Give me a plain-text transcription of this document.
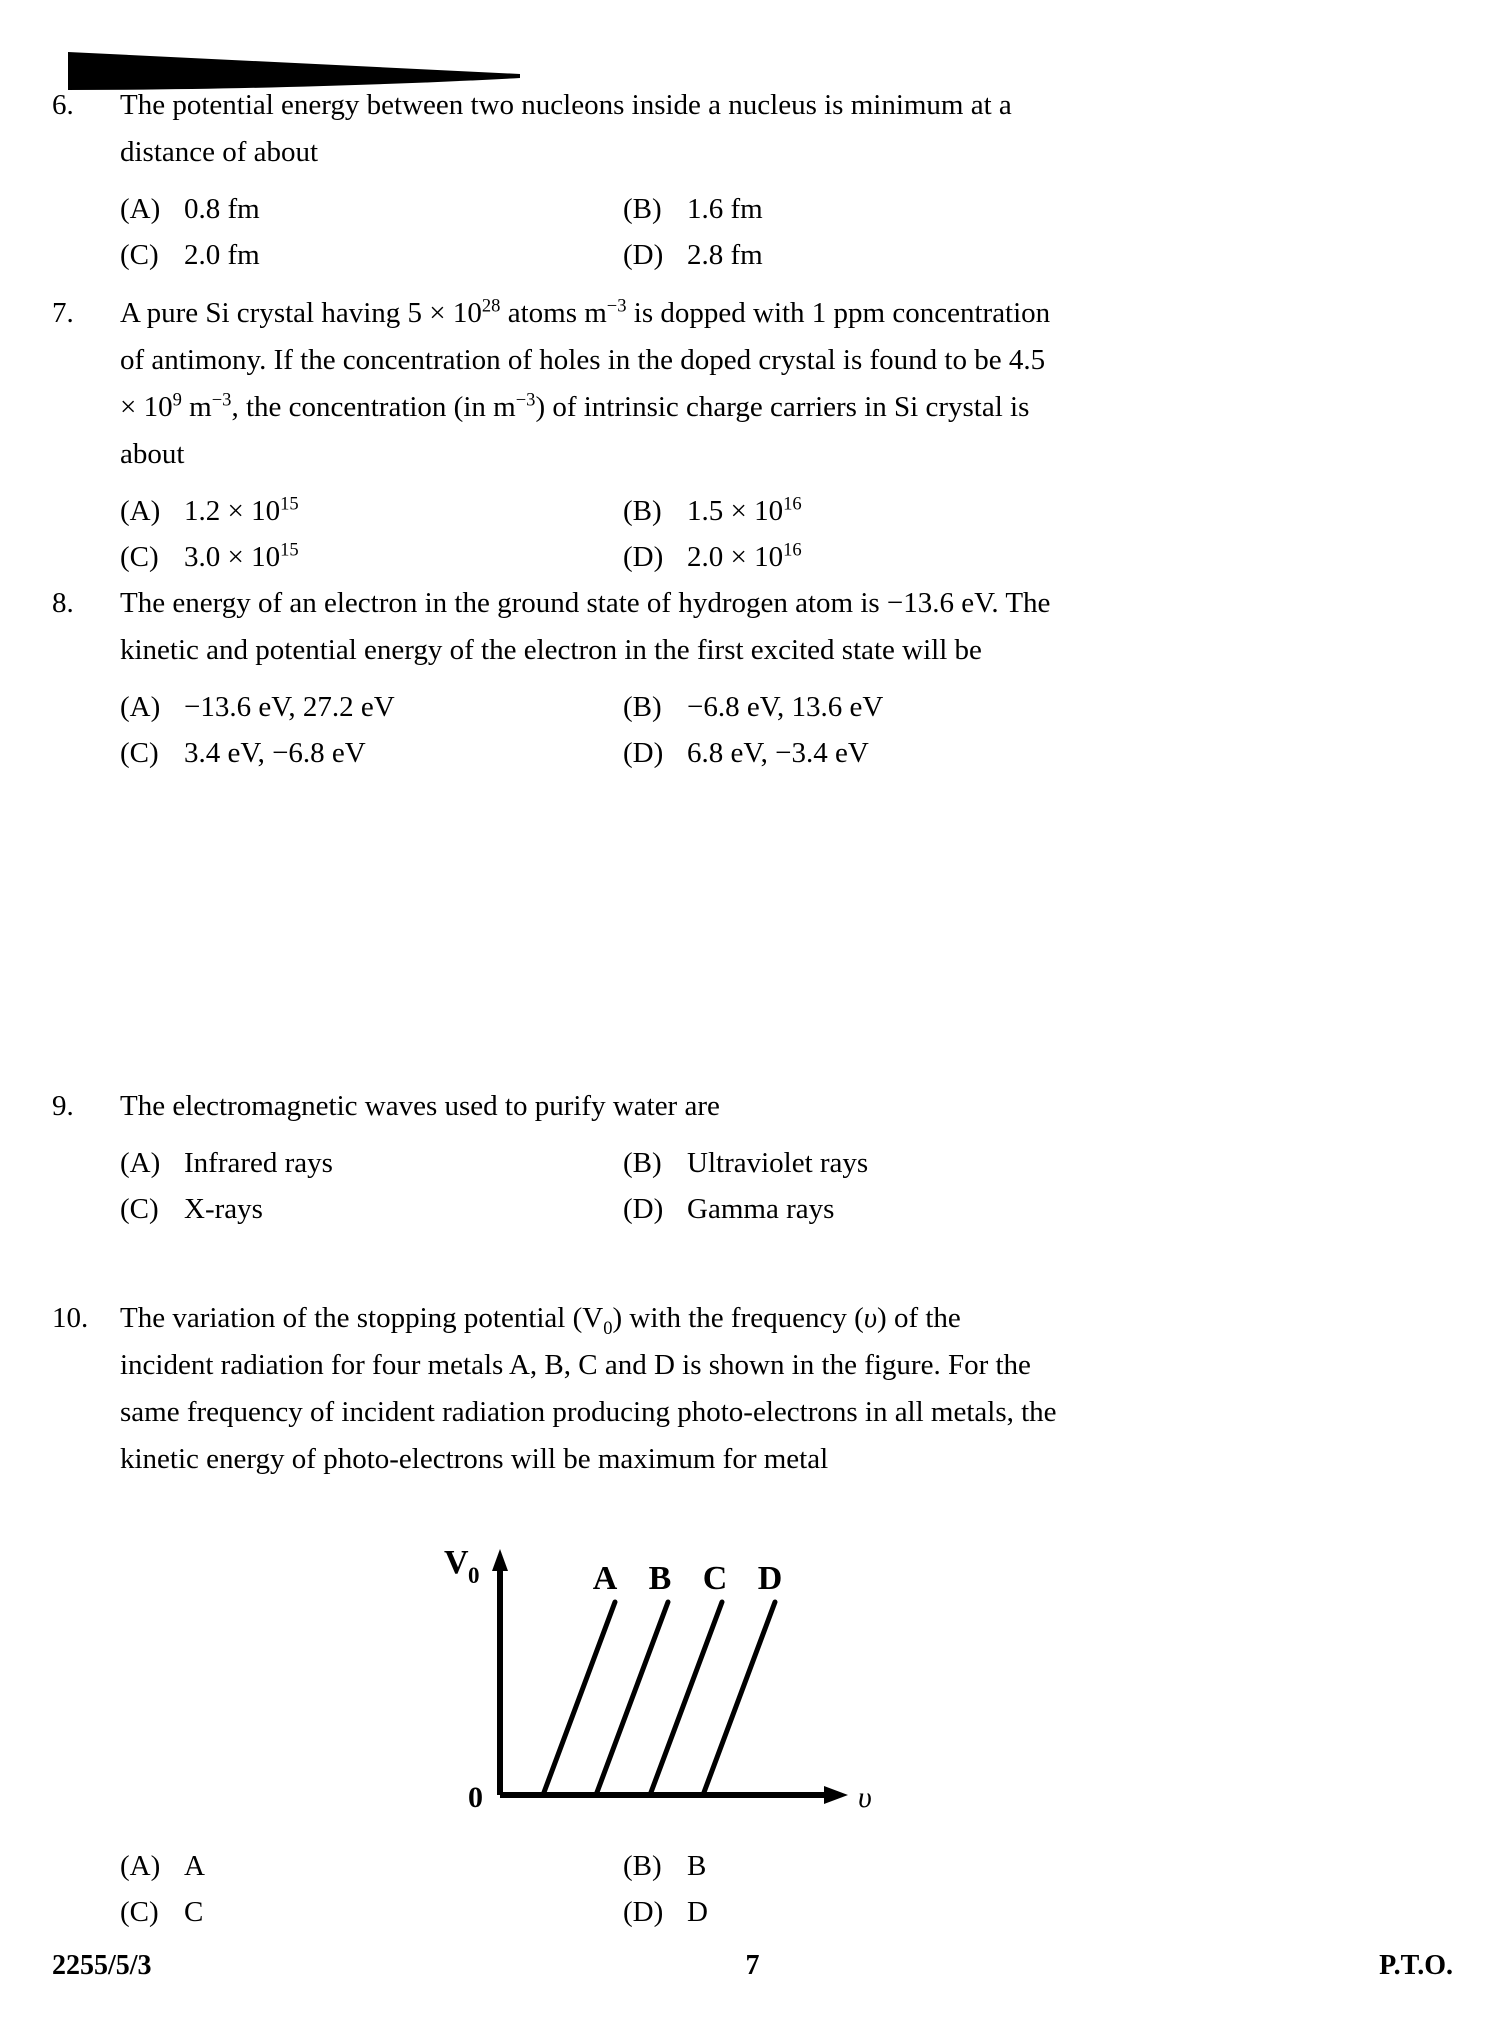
6.	The potential energy between two nucleons inside a nucleus is minimum at a distance of about
(A) 0.8 fm	(B) 1.6 fm
(C) 2.0 fm	(D) 2.8 fm
7.	A pure Si crystal having $5 \times 10^{28}$ atoms $m^{-3}$ is dopped with 1 ppm concentration of antimony. If the concentration of holes in the doped crystal is found to be $4.5 \times 10^9$ $m^{-3}$, the concentration (in $m^{-3}$) of intrinsic charge carriers in Si crystal is about
(A) $1.2 \times 10^{15}$	(B) $1.5 \times 10^{16}$
(C) $3.0 \times 10^{15}$	(D) $2.0 \times 10^{16}$
8.	The energy of an electron in the ground state of hydrogen atom is −13.6 eV. The kinetic and potential energy of the electron in the first excited state will be
(A) −13.6 eV, 27.2 eV	(B) −6.8 eV, 13.6 eV
(C) 3.4 eV, −6.8 eV	(D) 6.8 eV, −3.4 eV
9.	The electromagnetic waves used to purify water are
(A) Infrared rays	(B) Ultraviolet rays
(C) X-rays	(D) Gamma rays
10.	The variation of the stopping potential $(V_0)$ with the frequency (υ) of the incident radiation for four metals A, B, C and D is shown in the figure. For the same frequency of incident radiation producing photo-electrons in all metals, the kinetic energy of photo-electrons will be maximum for metal
V 0
0	υ
A B C D
(A) A	(B) B
(C) C	(D) D
2255/5/3	7	P.T.O.
